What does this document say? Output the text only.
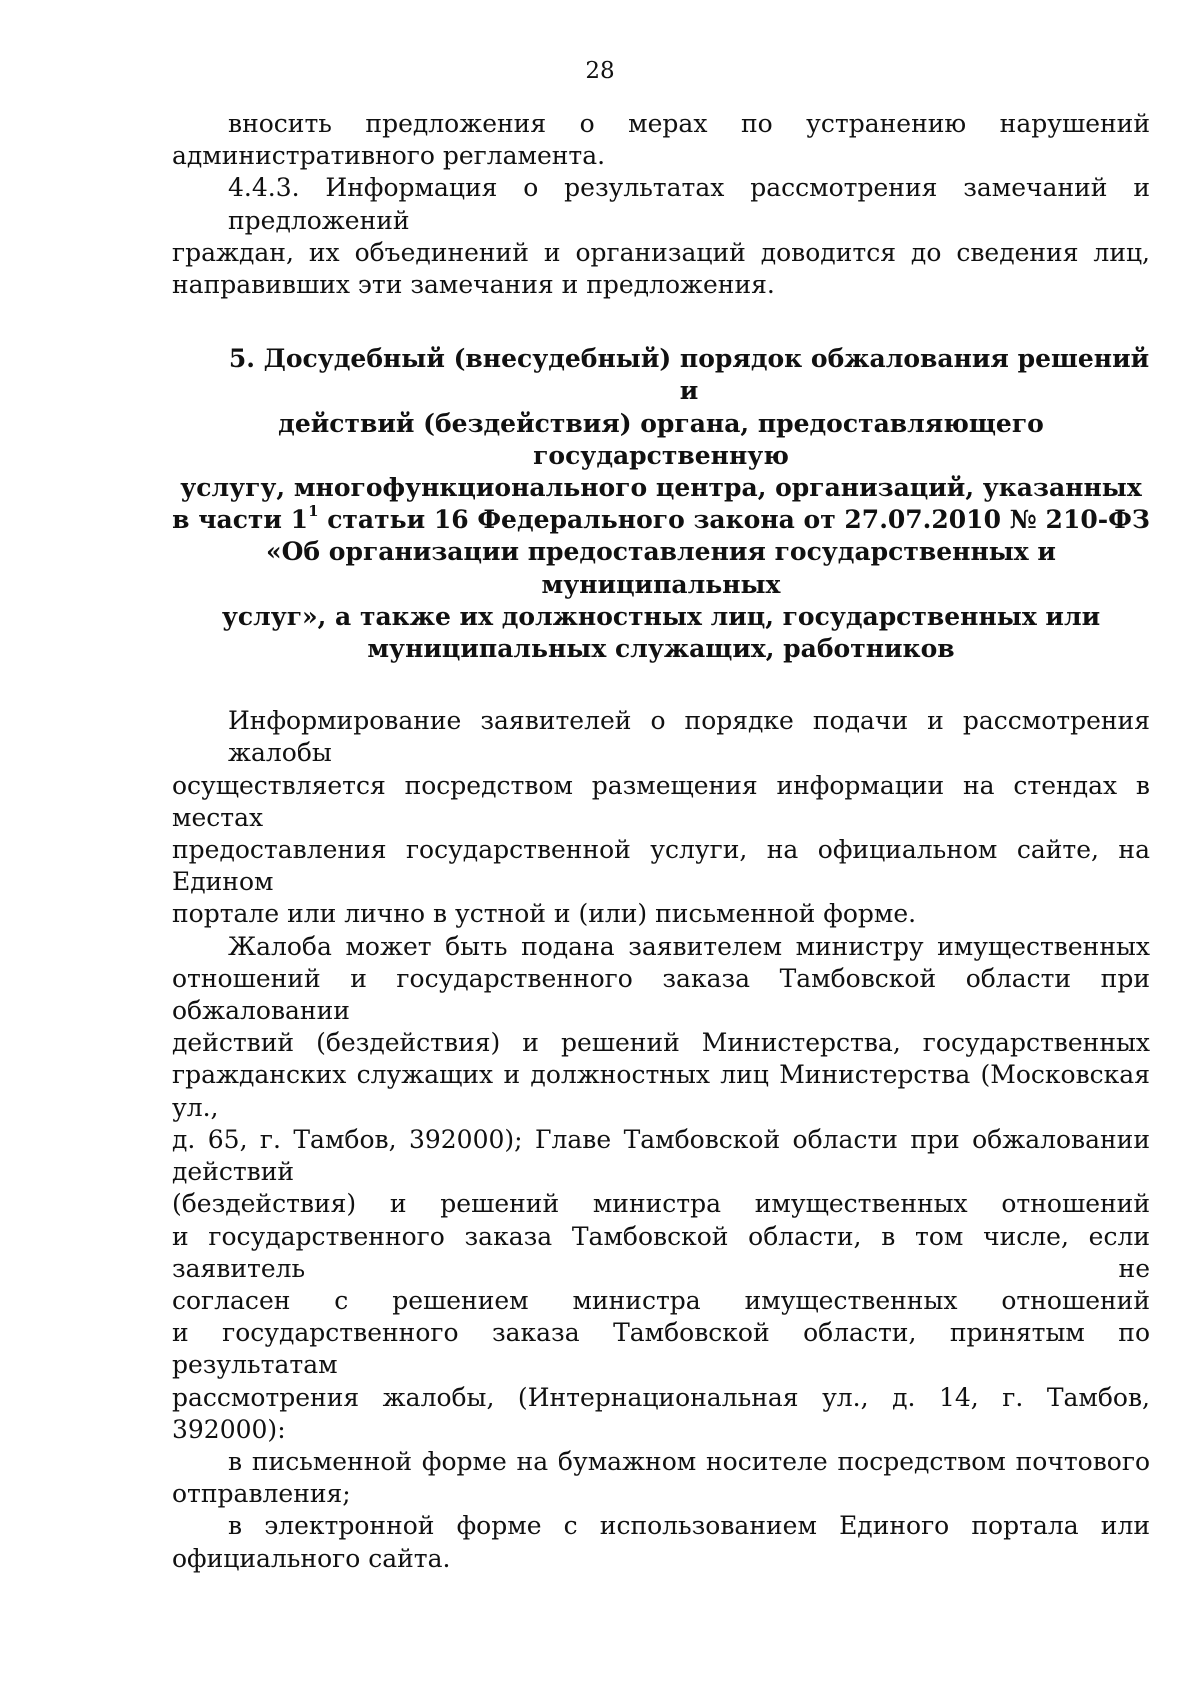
28
вносить предложения о мерах по устранению нарушений
административного регламента.
4.4.3. Информация о результатах рассмотрения замечаний и предложений
граждан, их объединений и организаций доводится до сведения лиц,
направивших эти замечания и предложения.
5. Досудебный (внесудебный) порядок обжалования решений и
действий (бездействия) органа, предоставляющего государственную
услугу, многофункционального центра, организаций, указанных
в части $1^1$ статьи 16 Федерального закона от 27.07.2010 № 210-ФЗ
«Об организации предоставления государственных и муниципальных
услуг», а также их должностных лиц, государственных или
муниципальных служащих, работников
Информирование заявителей о порядке подачи и рассмотрения жалобы
осуществляется посредством размещения информации на стендах в местах
предоставления государственной услуги, на официальном сайте, на Едином
портале или лично в устной и (или) письменной форме.
Жалоба может быть подана заявителем министру имущественных
отношений и государственного заказа Тамбовской области при обжаловании
действий (бездействия) и решений Министерства, государственных
гражданских служащих и должностных лиц Министерства (Московская ул.,
д. 65, г. Тамбов, 392000); Главе Тамбовской области при обжаловании действий
(бездействия) и решений министра имущественных отношений
и государственного заказа Тамбовской области, в том числе, если заявитель не
согласен с решением министра имущественных отношений
и государственного заказа Тамбовской области, принятым по результатам
рассмотрения жалобы, (Интернациональная ул., д. 14, г. Тамбов, 392000):
в письменной форме на бумажном носителе посредством почтового
отправления;
в электронной форме с использованием Единого портала или
официального сайта.
